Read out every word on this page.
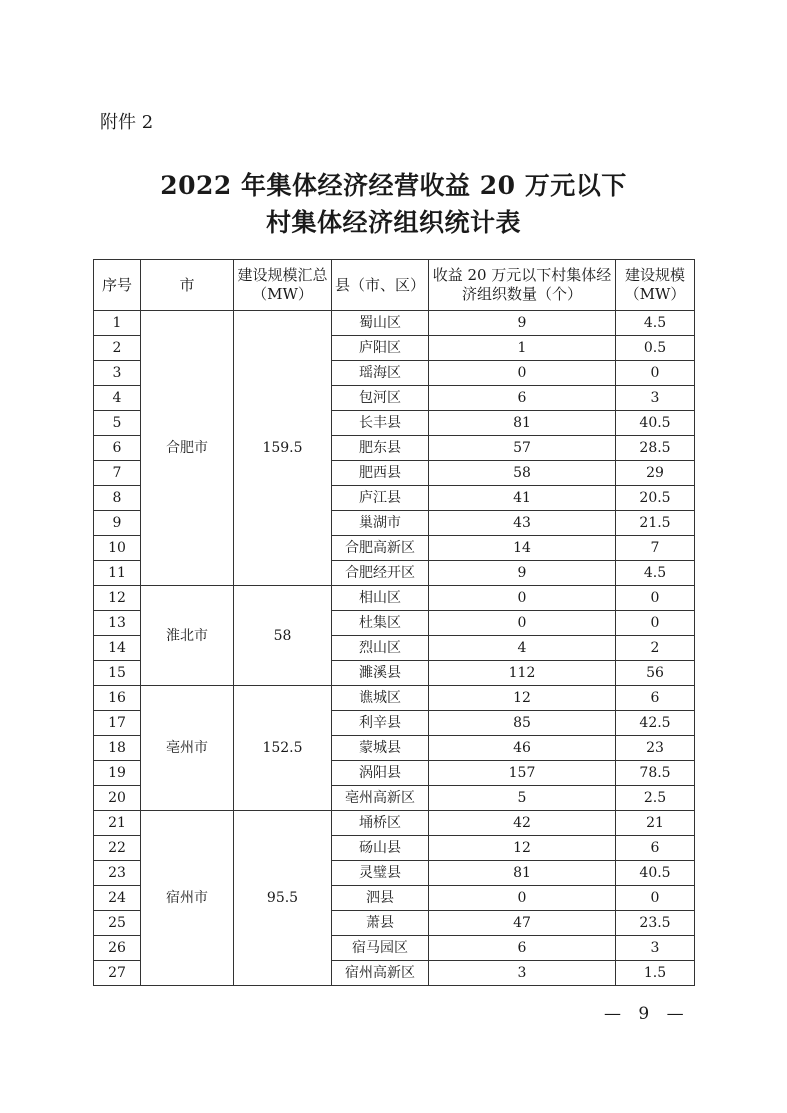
附件 2
2022 年集体经济经营收益 20 万元以下
村集体经济组织统计表
序号	市	建设规模汇总（MW）	县（市、区）	收益 20 万元以下村集体经济组织数量（个）	建设规模（MW）
1	合肥市	159.5	蜀山区	9	4.5
2			庐阳区	1	0.5
3			瑶海区	0	0
4			包河区	6	3
5			长丰县	81	40.5
6			肥东县	57	28.5
7			肥西县	58	29
8			庐江县	41	20.5
9			巢湖市	43	21.5
10			合肥高新区	14	7
11			合肥经开区	9	4.5
12	淮北市	58	相山区	0	0
13			杜集区	0	0
14			烈山区	4	2
15			濉溪县	112	56
16	亳州市	152.5	谯城区	12	6
17			利辛县	85	42.5
18			蒙城县	46	23
19			涡阳县	157	78.5
20			亳州高新区	5	2.5
21	宿州市	95.5	埇桥区	42	21
22			砀山县	12	6
23			灵璧县	81	40.5
24			泗县	0	0
25			萧县	47	23.5
26			宿马园区	6	3
27			宿州高新区	3	1.5
— 9 —
